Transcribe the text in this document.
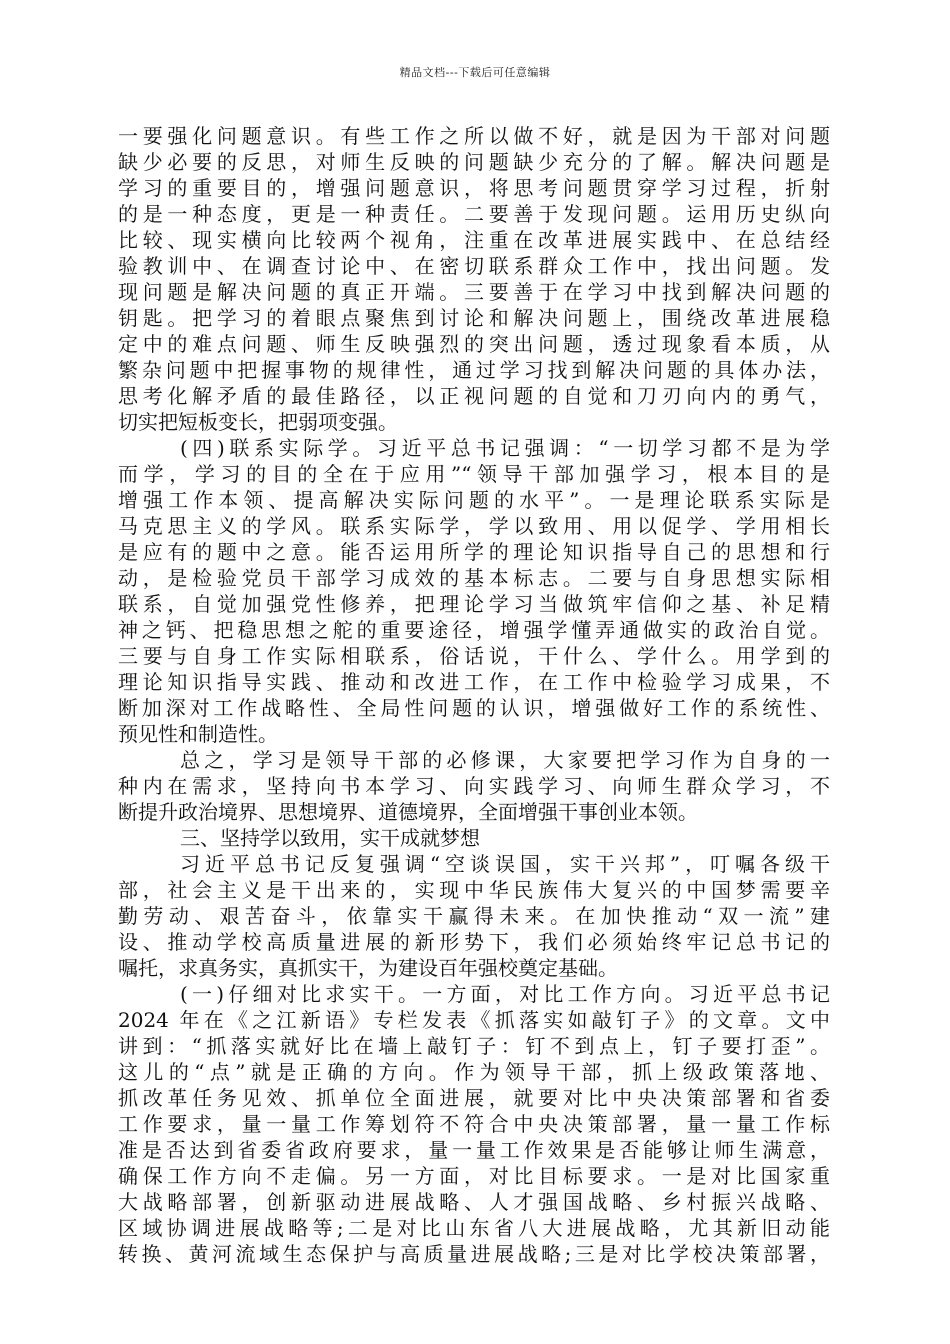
精品文档---下载后可任意编辑
一要强化问题意识。有些工作之所以做不好，就是因为干部对问题
缺少必要的反思，对师生反映的问题缺少充分的了解。解决问题是
学习的重要目的，增强问题意识，将思考问题贯穿学习过程，折射
的是一种态度，更是一种责任。二要善于发现问题。运用历史纵向
比较、现实横向比较两个视角，注重在改革进展实践中、在总结经
验教训中、在调查讨论中、在密切联系群众工作中，找出问题。发
现问题是解决问题的真正开端。三要善于在学习中找到解决问题的
钥匙。把学习的着眼点聚焦到讨论和解决问题上，围绕改革进展稳
定中的难点问题、师生反映强烈的突出问题，透过现象看本质，从
繁杂问题中把握事物的规律性，通过学习找到解决问题的具体办法，
思考化解矛盾的最佳路径，以正视问题的自觉和刀刃向内的勇气，
切实把短板变长，把弱项变强。
(四)联系实际学。习近平总书记强调：“一切学习都不是为学
而学，学习的目的全在于应用”“领导干部加强学习，根本目的是
增强工作本领、提高解决实际问题的水平”。一是理论联系实际是
马克思主义的学风。联系实际学，学以致用、用以促学、学用相长
是应有的题中之意。能否运用所学的理论知识指导自己的思想和行
动，是检验党员干部学习成效的基本标志。二要与自身思想实际相
联系，自觉加强党性修养，把理论学习当做筑牢信仰之基、补足精
神之钙、把稳思想之舵的重要途径，增强学懂弄通做实的政治自觉。
三要与自身工作实际相联系，俗话说，干什么、学什么。用学到的
理论知识指导实践、推动和改进工作，在工作中检验学习成果，不
断加深对工作战略性、全局性问题的认识，增强做好工作的系统性、
预见性和制造性。
总之，学习是领导干部的必修课，大家要把学习作为自身的一
种内在需求，坚持向书本学习、向实践学习、向师生群众学习，不
断提升政治境界、思想境界、道德境界，全面增强干事创业本领。
三、坚持学以致用，实干成就梦想
习近平总书记反复强调“空谈误国，实干兴邦”，叮嘱各级干
部，社会主义是干出来的，实现中华民族伟大复兴的中国梦需要辛
勤劳动、艰苦奋斗，依靠实干赢得未来。在加快推动“双一流”建
设、推动学校高质量进展的新形势下，我们必须始终牢记总书记的
嘱托，求真务实，真抓实干，为建设百年强校奠定基础。
(一)仔细对比求实干。一方面，对比工作方向。习近平总书记
2024 年在《之江新语》专栏发表《抓落实如敲钉子》的文章。文中
讲到：“抓落实就好比在墙上敲钉子：钉不到点上，钉子要打歪”。
这儿的“点”就是正确的方向。作为领导干部，抓上级政策落地、
抓改革任务见效、抓单位全面进展，就要对比中央决策部署和省委
工作要求，量一量工作筹划符不符合中央决策部署，量一量工作标
准是否达到省委省政府要求，量一量工作效果是否能够让师生满意，
确保工作方向不走偏。另一方面，对比目标要求。一是对比国家重
大战略部署，创新驱动进展战略、人才强国战略、乡村振兴战略、
区域协调进展战略等;二是对比山东省八大进展战略，尤其新旧动能
转换、黄河流域生态保护与高质量进展战略;三是对比学校决策部署，
